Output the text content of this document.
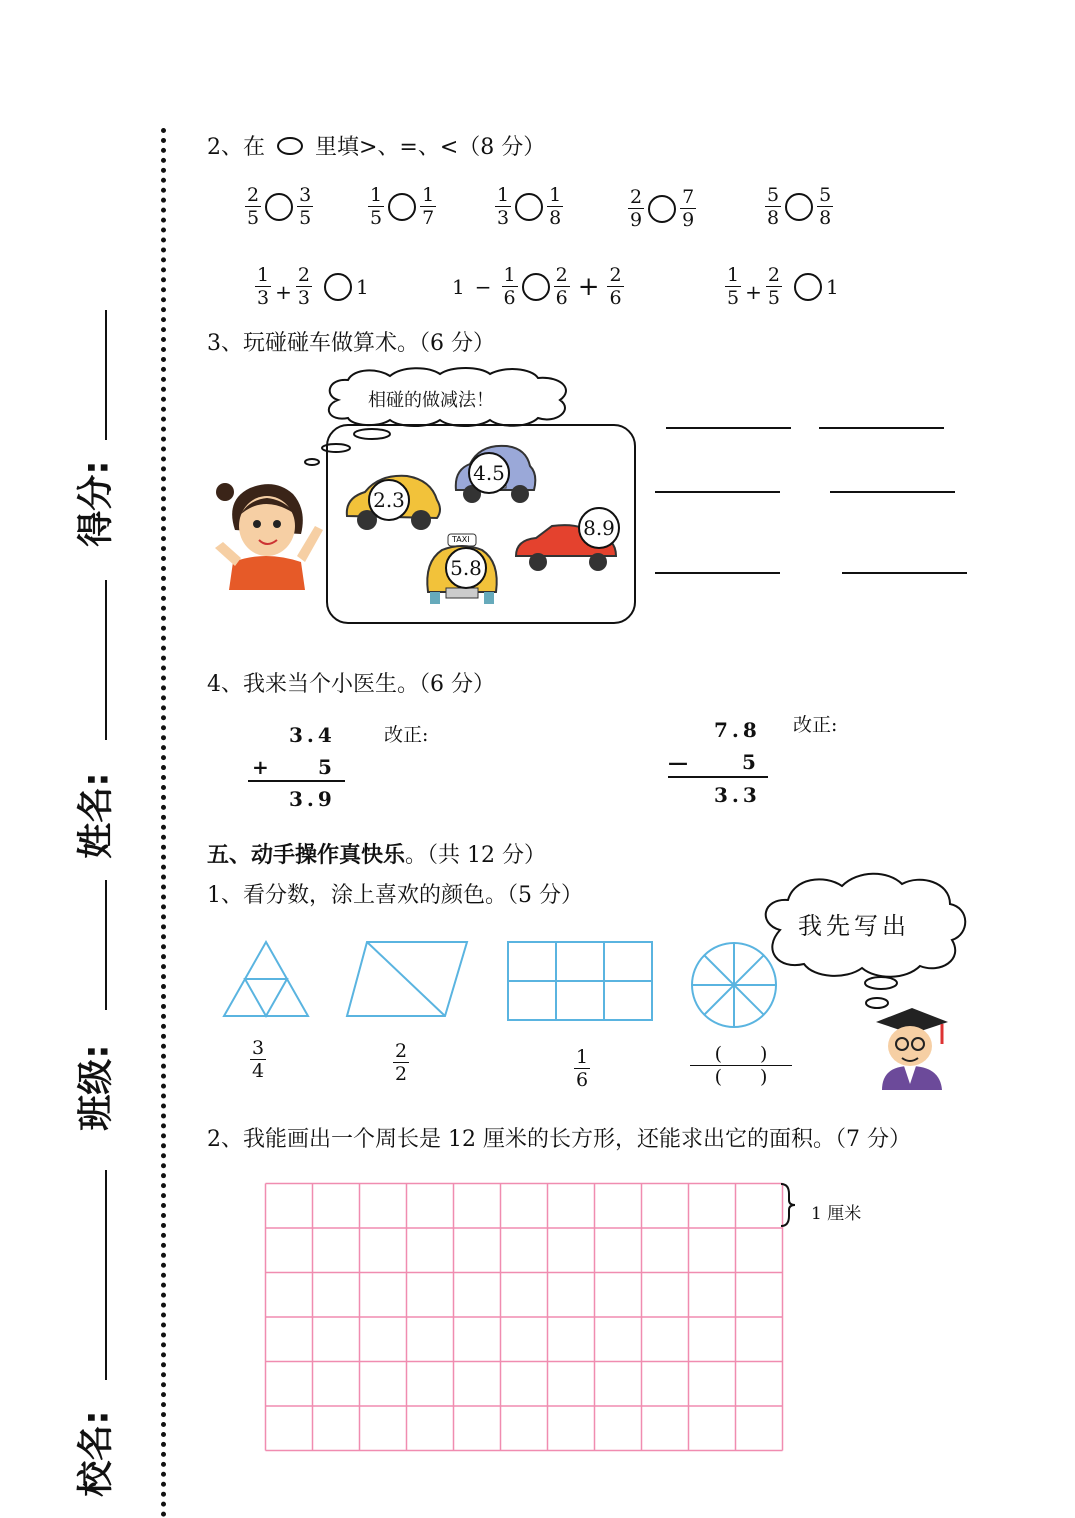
得分:
姓名:
班级:
校名:
2、在 里填>、=、<（8 分）
$\frac{2}{5} \frac{3}{5}$	$\frac{1}{5} \frac{1}{7}$	$\frac{1}{3} \frac{1}{8}$	$\frac{2}{9} \frac{7}{9}$	$\frac{5}{8} \frac{5}{8}$
$\frac{1}{3} + \frac{2}{3} 1$	$1 - \frac{1}{6} \frac{2}{6} + \frac{2}{6}$	$\frac{1}{5} + \frac{2}{5} 1$
3、玩碰碰车做算术。（6 分）
相碰的做减法！
4.5
2.3
8.9
TAXI
5.8
4、我来当个小医生。（6 分）
3.4
+ 5
3.9
改正:	7.8
—	5
3.3
改正:
五、动手操作真快乐。（共 12 分）
1、看分数，涂上喜欢的颜色。（5 分）
$\frac{3}{4}$	$\frac{2}{2}$	$\frac{1}{6}$	(　　)
(　　)
我先写出
2、我能画出一个周长是 12 厘米的长方形，还能求出它的面积。（7 分）
1 厘米
